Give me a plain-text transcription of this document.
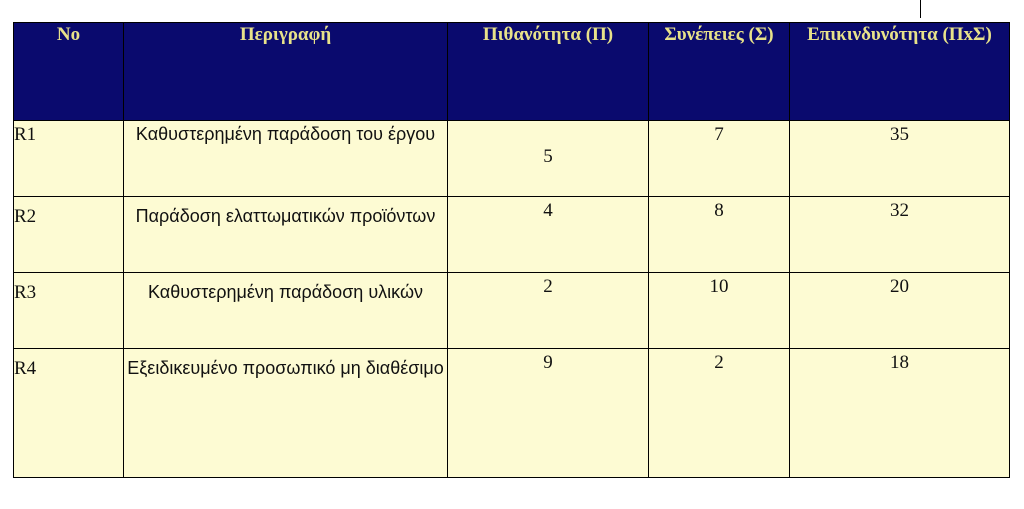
No	Περιγραφή	Πιθανότητα (Π)	Συνέπειες (Σ)	Επικινδυνότητα (ΠxΣ)
R1	Καθυστερημένη παράδοση του έργου	5	7	35
R2	Παράδοση ελαττωματικών προϊόντων	4	8	32
R3	Καθυστερημένη παράδοση υλικών	2	10	20
R4	Εξειδικευμένο προσωπικό μη διαθέσιμο	9	2	18
